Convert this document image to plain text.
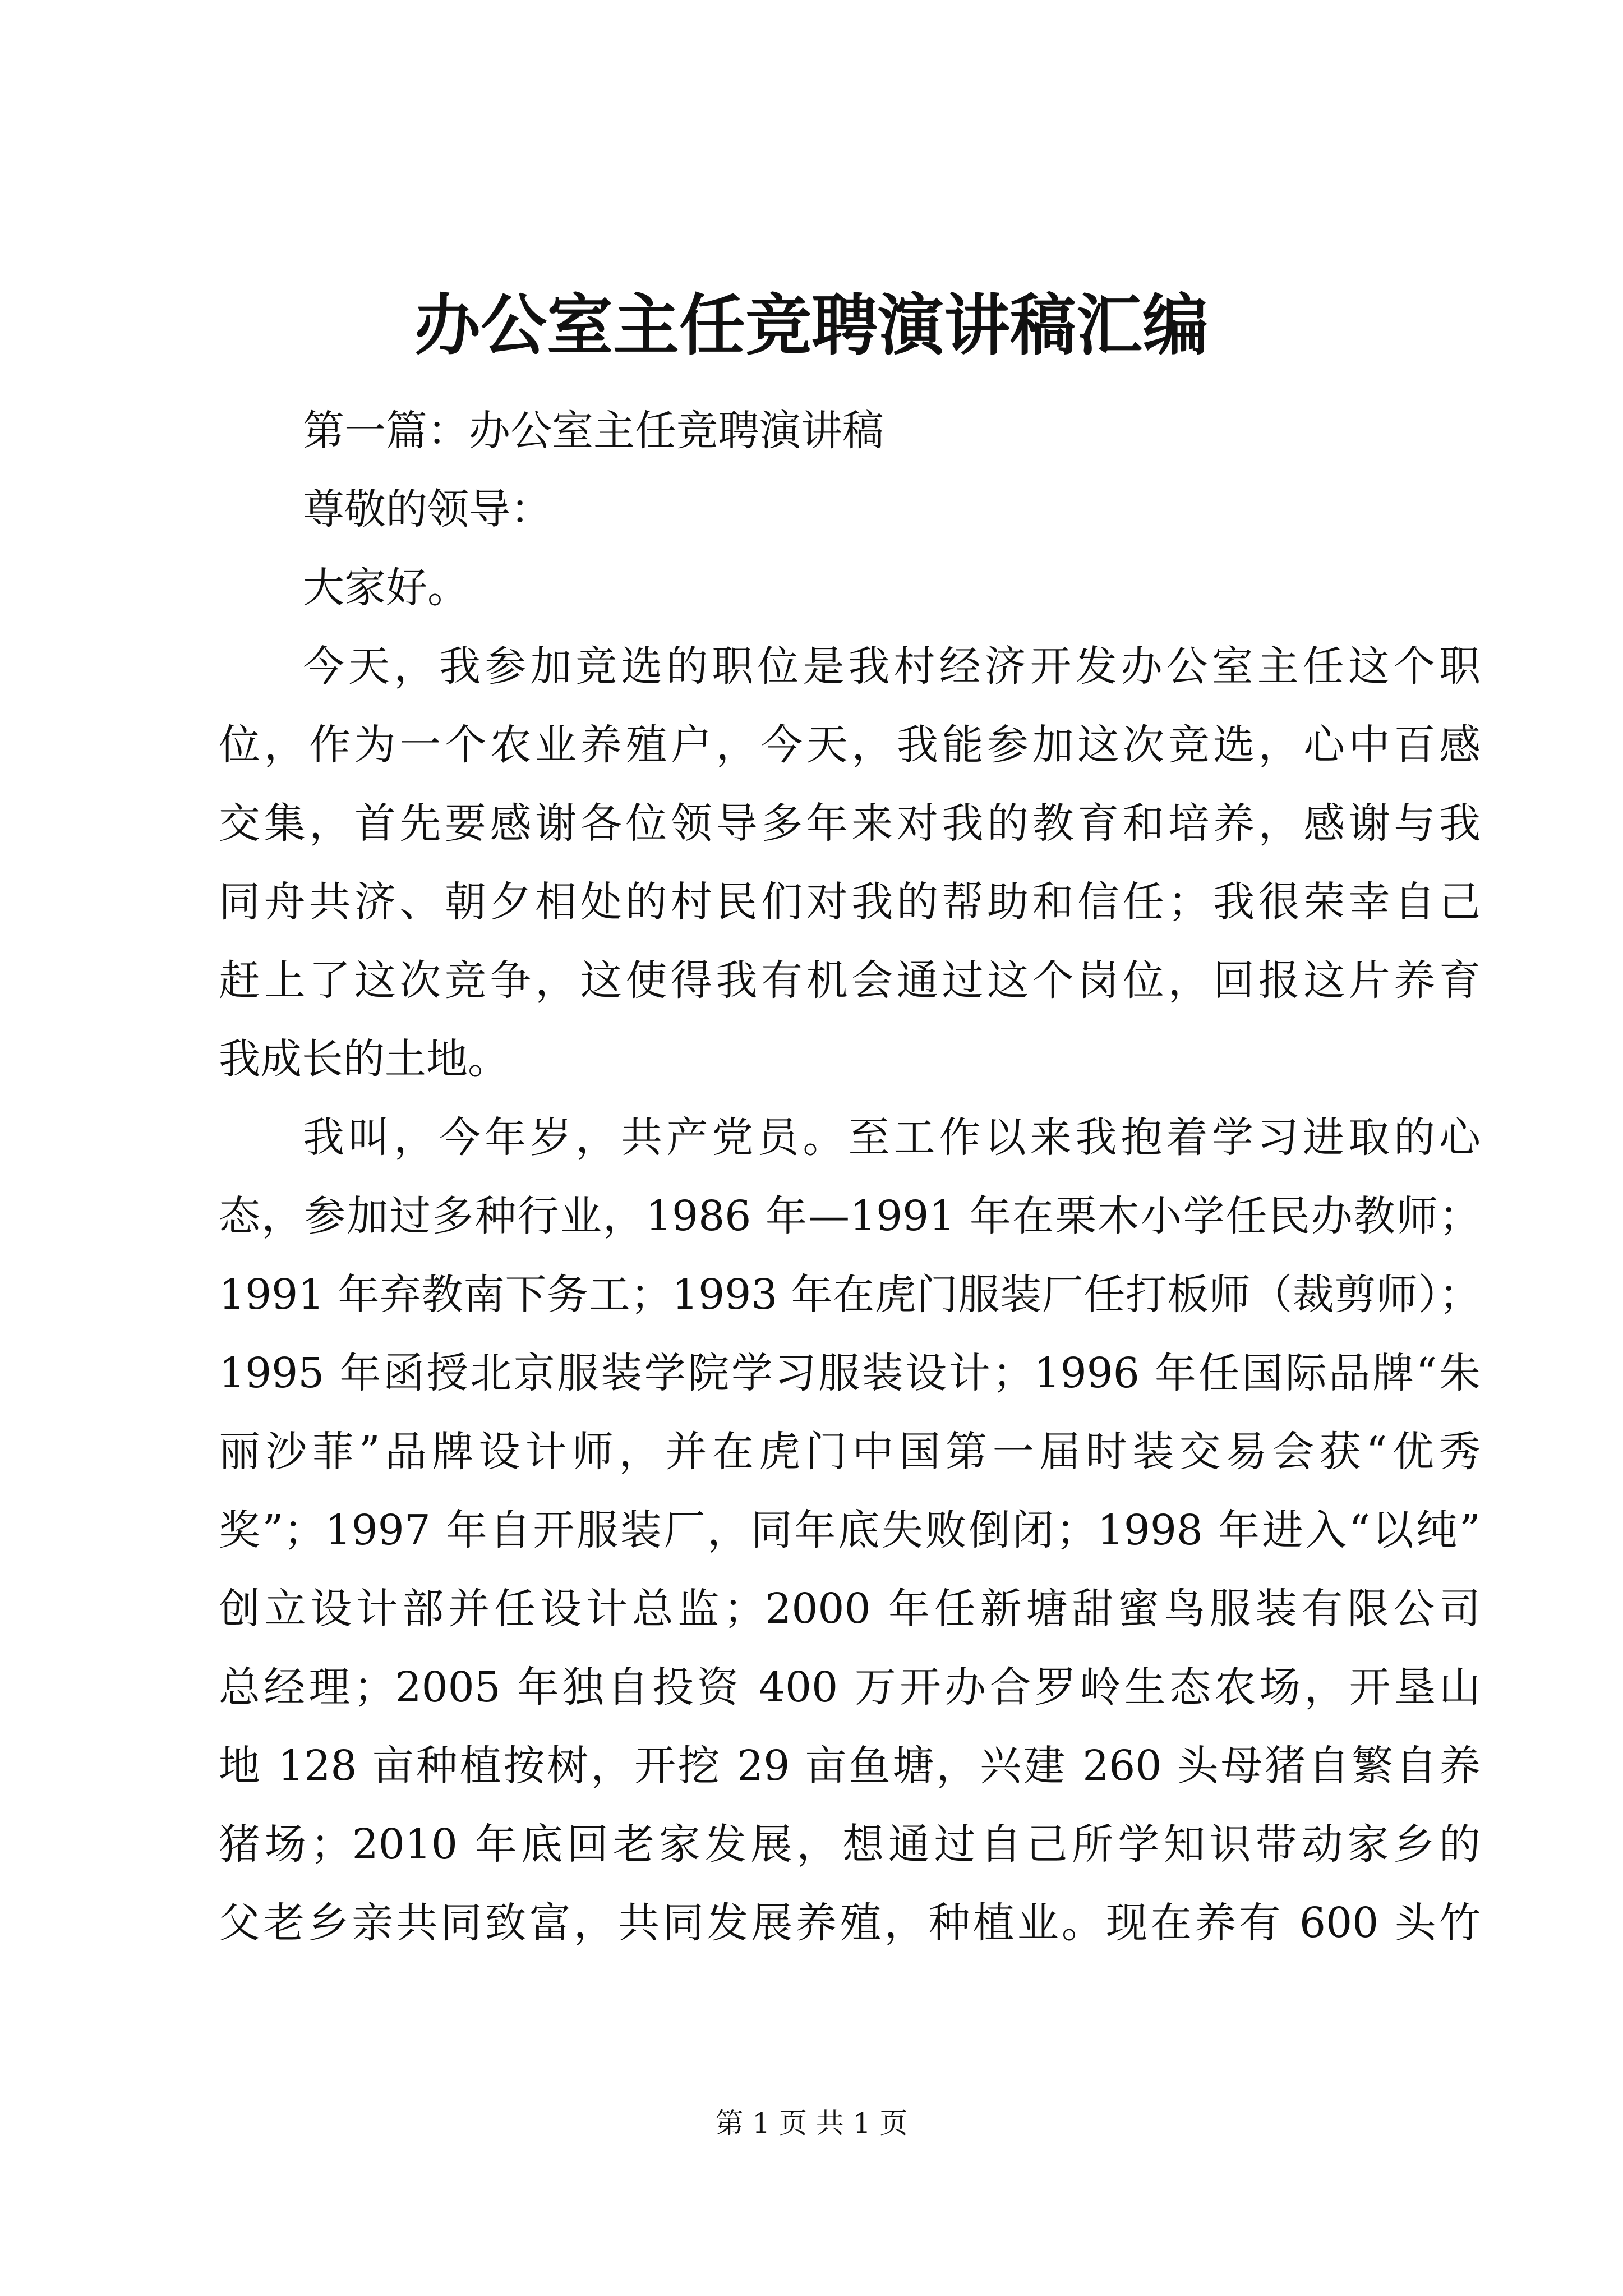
办公室主任竞聘演讲稿汇编
第一篇：办公室主任竞聘演讲稿
尊敬的领导：
大家好。
今天，我参加竞选的职位是我村经济开发办公室主任这个职
位，作为一个农业养殖户，今天，我能参加这次竞选，心中百感
交集，首先要感谢各位领导多年来对我的教育和培养，感谢与我
同舟共济、朝夕相处的村民们对我的帮助和信任；我很荣幸自己
赶上了这次竞争，这使得我有机会通过这个岗位，回报这片养育
我成长的土地。
我叫，今年岁，共产党员。至工作以来我抱着学习进取的心
态，参加过多种行业，1986 年—1991 年在栗木小学任民办教师；
1991 年弃教南下务工；1993 年在虎门服装厂任打板师（裁剪师）；
1995 年函授北京服装学院学习服装设计；1996 年任国际品牌“朱
丽沙菲”品牌设计师，并在虎门中国第一届时装交易会获“优秀
奖”；1997 年自开服装厂，同年底失败倒闭；1998 年进入“以纯”
创立设计部并任设计总监；2000 年任新塘甜蜜鸟服装有限公司
总经理；2005 年独自投资 400 万开办合罗岭生态农场，开垦山
地 128 亩种植按树，开挖 29 亩鱼塘，兴建 260 头母猪自繁自养
猪场；2010 年底回老家发展，想通过自己所学知识带动家乡的
父老乡亲共同致富，共同发展养殖，种植业。现在养有 600 头竹
第 1 页 共 1 页
